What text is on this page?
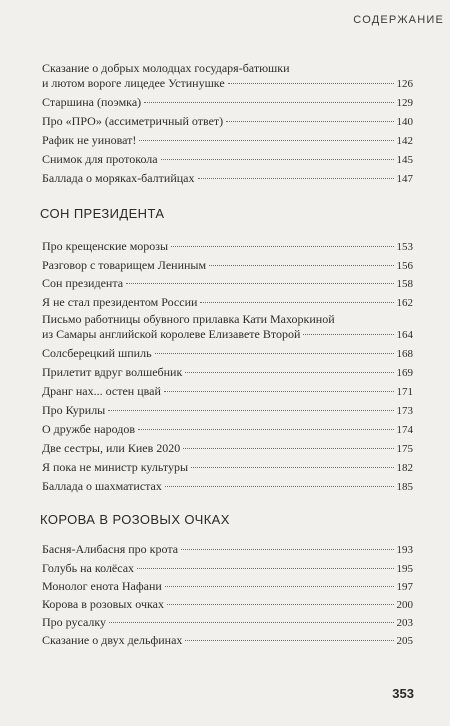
СОДЕРЖАНИЕ
Сказание о добрых молодцах государя-батюшки
и лютом вороге лицедее Устинушке	126
Старшина (поэмка)	129
Про «ПРО» (ассиметричный ответ)	140
Рафик не уиноват!	142
Снимок для протокола	145
Баллада о моряках-балтийцах	147
СОН ПРЕЗИДЕНТА
Про крещенские морозы	153
Разговор с товарищем Лениным	156
Сон президента	158
Я не стал президентом России	162
Письмо работницы обувного прилавка Кати Махоркиной
из Самары английской королеве Елизавете Второй	164
Солсберецкий шпиль	168
Прилетит вдруг волшебник	169
Дранг нах... остен цвай	171
Про Курилы	173
О дружбе народов	174
Две сестры, или Киев 2020	175
Я пока не министр культуры	182
Баллада о шахматистах	185
КОРОВА В РОЗОВЫХ ОЧКАХ
Басня-Алибасня про крота	193
Голубь на колёсах	195
Монолог енота Нафани	197
Корова в розовых очках	200
Про русалку	203
Сказание о двух дельфинах	205
353
